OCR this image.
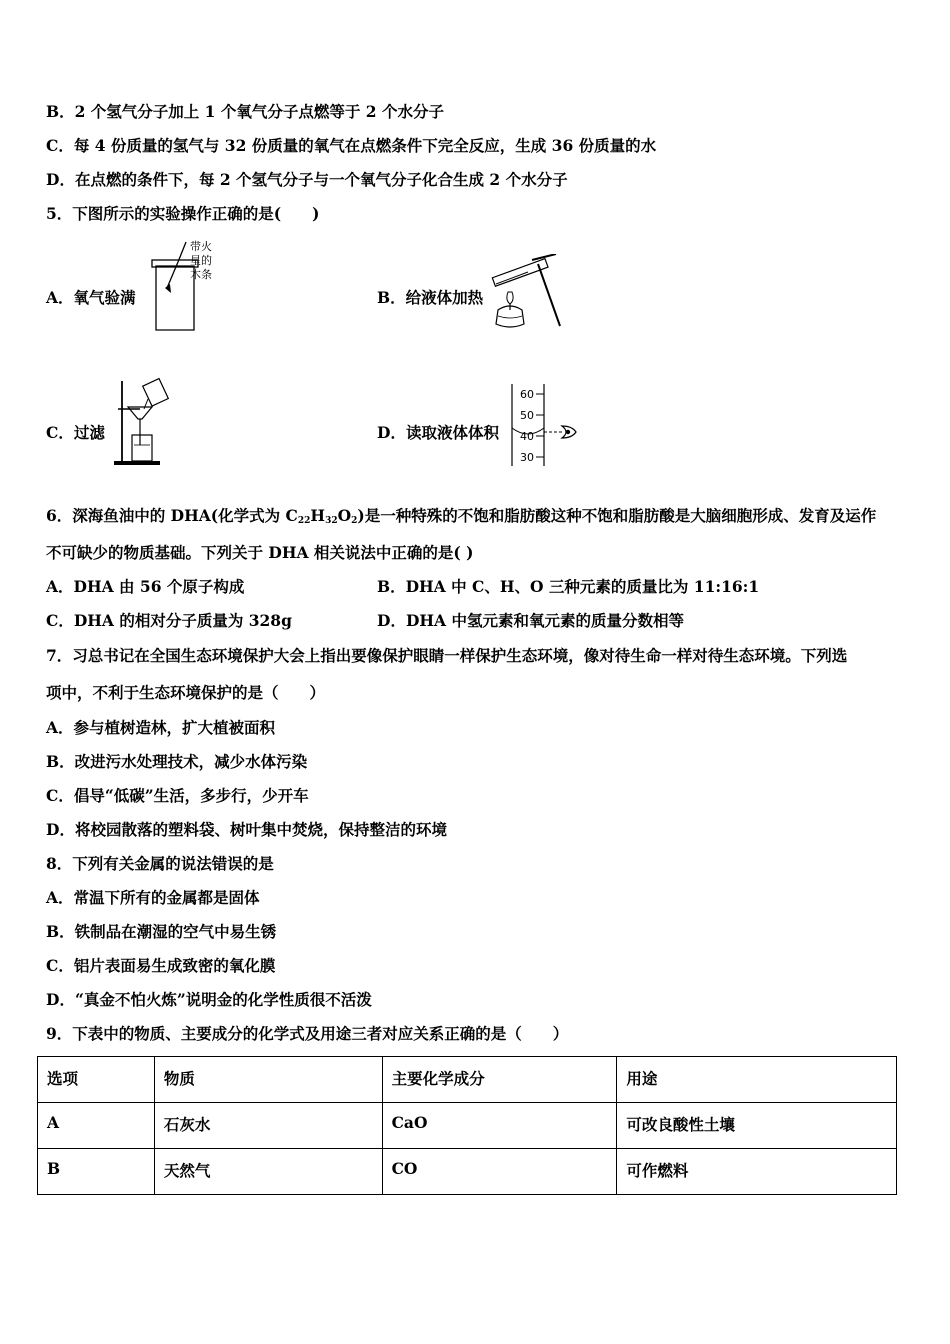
B．2 个氢气分子加上 1 个氧气分子点燃等于 2 个水分子
C．每 4 份质量的氢气与 32 份质量的氧气在点燃条件下完全反应，生成 36 份质量的水
D．在点燃的条件下，每 2 个氢气分子与一个氧气分子化合生成 2 个水分子
5．下图所示的实验操作正确的是(　　)
A．氧气验满
带火
星的
木条
B．给液体加热
C．过滤	D．读取液体体积
60
50
40
30
6．深海鱼油中的 DHA(化学式为 $C_{22}H_{32}O_2$)是一种特殊的不饱和脂肪酸这种不饱和脂肪酸是大脑细胞形成、发育及运作
不可缺少的物质基础。下列关于 DHA 相关说法中正确的是( )
A．DHA 由 56 个原子构成	B．DHA 中 C、H、O 三种元素的质量比为 11:16:1
C．DHA 的相对分子质量为 328g	D．DHA 中氢元素和氧元素的质量分数相等
7．习总书记在全国生态环境保护大会上指出要像保护眼睛一样保护生态环境，像对待生命一样对待生态环境。下列选
项中，不利于生态环境保护的是（　　）
A．参与植树造林，扩大植被面积
B．改进污水处理技术，减少水体污染
C．倡导“低碳”生活，多步行，少开车
D．将校园散落的塑料袋、树叶集中焚烧，保持整洁的环境
8．下列有关金属的说法错误的是
A．常温下所有的金属都是固体
B．铁制品在潮湿的空气中易生锈
C．铝片表面易生成致密的氧化膜
D．“真金不怕火炼”说明金的化学性质很不活泼
9．下表中的物质、主要成分的化学式及用途三者对应关系正确的是（　　）
选项	物质	主要化学成分	用途
A	石灰水	CaO	可改良酸性土壤
B	天然气	CO	可作燃料
